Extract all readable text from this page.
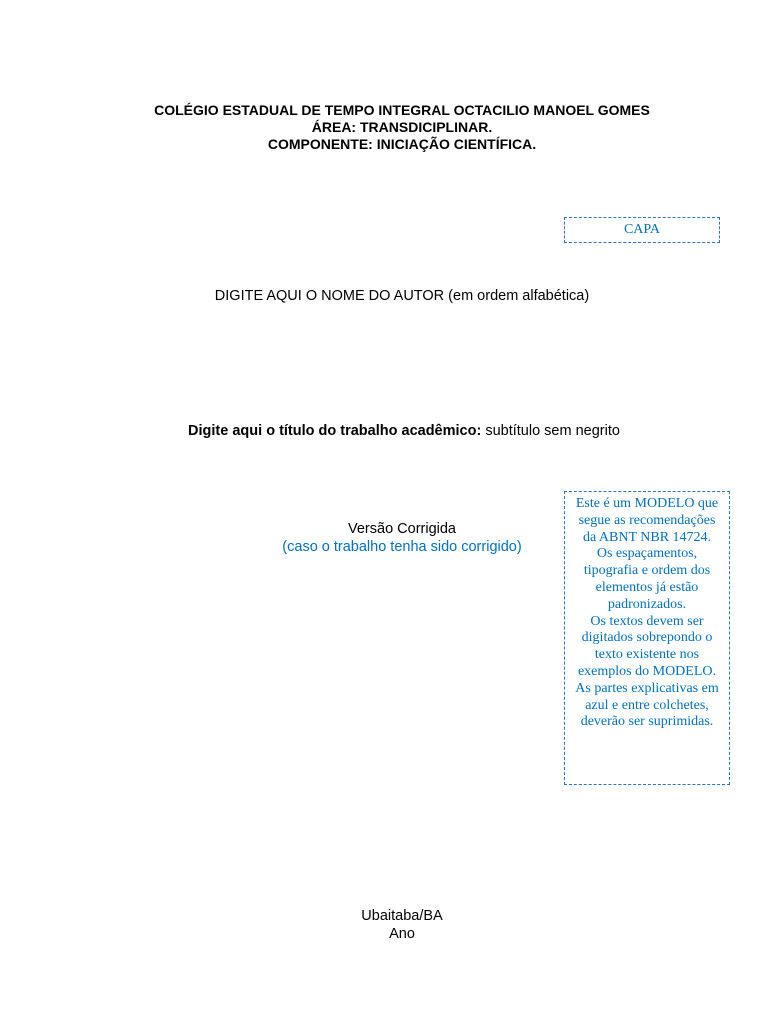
COLÉGIO ESTADUAL DE TEMPO INTEGRAL OCTACILIO MANOEL GOMES
ÁREA: TRANSDICIPLINAR.
COMPONENTE: INICIAÇÃO CIENTÍFICA.
CAPA
DIGITE AQUI O NOME DO AUTOR (em ordem alfabética)
Digite aqui o título do trabalho acadêmico: subtítulo sem negrito
Versão Corrigida
(caso o trabalho tenha sido corrigido)
Este é um MODELO que segue as recomendações da ABNT NBR 14724.
Os espaçamentos, tipografia e ordem dos elementos já estão padronizados.
Os textos devem ser digitados sobrepondo o texto existente nos exemplos do MODELO.
As partes explicativas em azul e entre colchetes, deverão ser suprimidas.
Ubaitaba/BA
Ano
